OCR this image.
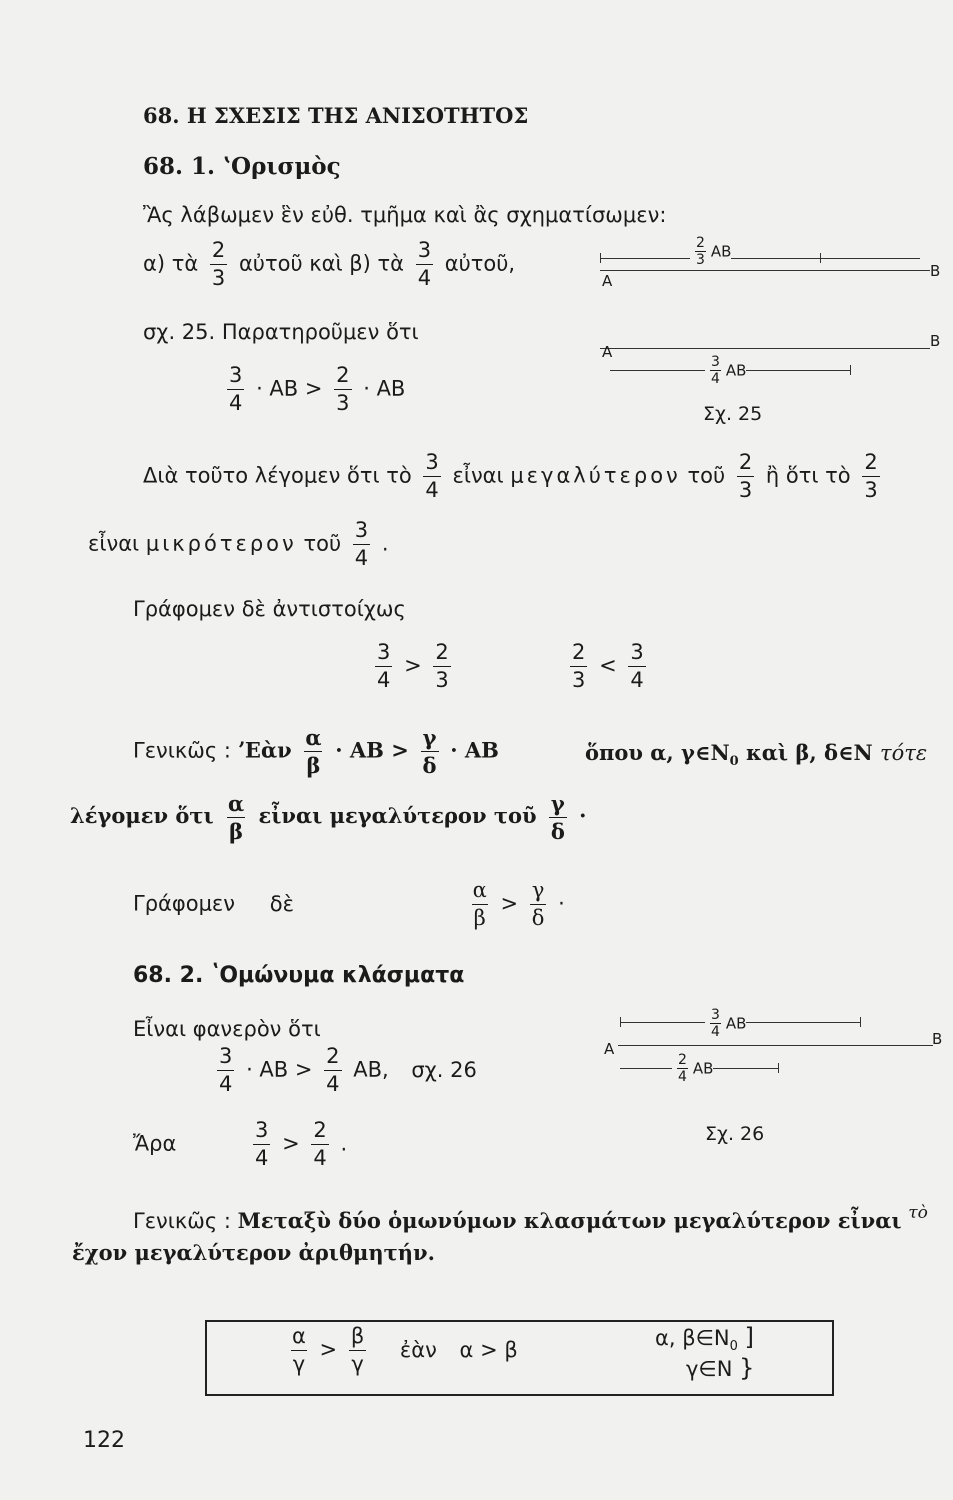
68. Η ΣΧΕΣΙΣ ΤΗΣ ΑΝΙΣΟΤΗΤΟΣ
68. 1. ʽΟρισμὸς
Ἂς λάβωμεν ἓν εὐθ. τμῆμα καὶ ἂς σχηματίσωμεν:
α) τὰ $\frac{2}{3}$ αὐτοῦ καὶ β) τὰ $\frac{3}{4}$ αὐτοῦ,
σχ. 25. Παρατηροῦμεν ὅτι
$\frac{3}{4} \cdot AB > \frac{2}{3} \cdot AB$
A
B
$\frac{2}{3}$ AB
A
B
$\frac{3}{4}$ AB
Σχ. 25
Διὰ τοῦτο λέγομεν ὅτι τὸ $\frac{3}{4}$ εἶναι μεγαλύτερον τοῦ $\frac{2}{3}$ ἢ ὅτι τὸ $\frac{2}{3}$
εἶναι μικρότερον τοῦ $\frac{3}{4}$ .
Γράφομεν δὲ ἀντιστοίχως
$\frac{3}{4} > \frac{2}{3}$	$\frac{2}{3} < \frac{3}{4}$
Γενικῶς : ʼΕὰν $\frac{\alpha}{\beta} \cdot AB > \frac{\gamma}{\delta} \cdot AB$	ὅπου α, $\gamma\in N_0$ καὶ β, δ∈N τότε
λέγομεν ὅτι $\frac{\alpha}{\beta}$ εἶναι μεγαλύτερον τοῦ $\frac{\gamma}{\delta}$ ·
Γράφομεν δὲ	$\frac{\alpha}{\beta} > \frac{\gamma}{\delta}$ ·
68. 2. ʽΟμώνυμα κλάσματα
Εἶναι φανερὸν ὅτι
$\frac{3}{4} \cdot AB > \frac{2}{4} AB$, σχ. 26
Ἄρα	$\frac{3}{4} > \frac{2}{4}$ .
$\frac{3}{4}$ AB
A
B
$\frac{2}{4}$ AB
Σχ. 26
Γενικῶς : Μεταξὺ δύο ὁμωνύμων κλασμάτων μεγαλύτερον εἶναι $^{\tau ὸ}$
ἔχον μεγαλύτερον ἀριθμητήν.
$\frac{\alpha}{\gamma} > \frac{\beta}{\gamma}$ ἐὰν α > β	α, $\beta\in N_0$ ]
γ∈N }
122
